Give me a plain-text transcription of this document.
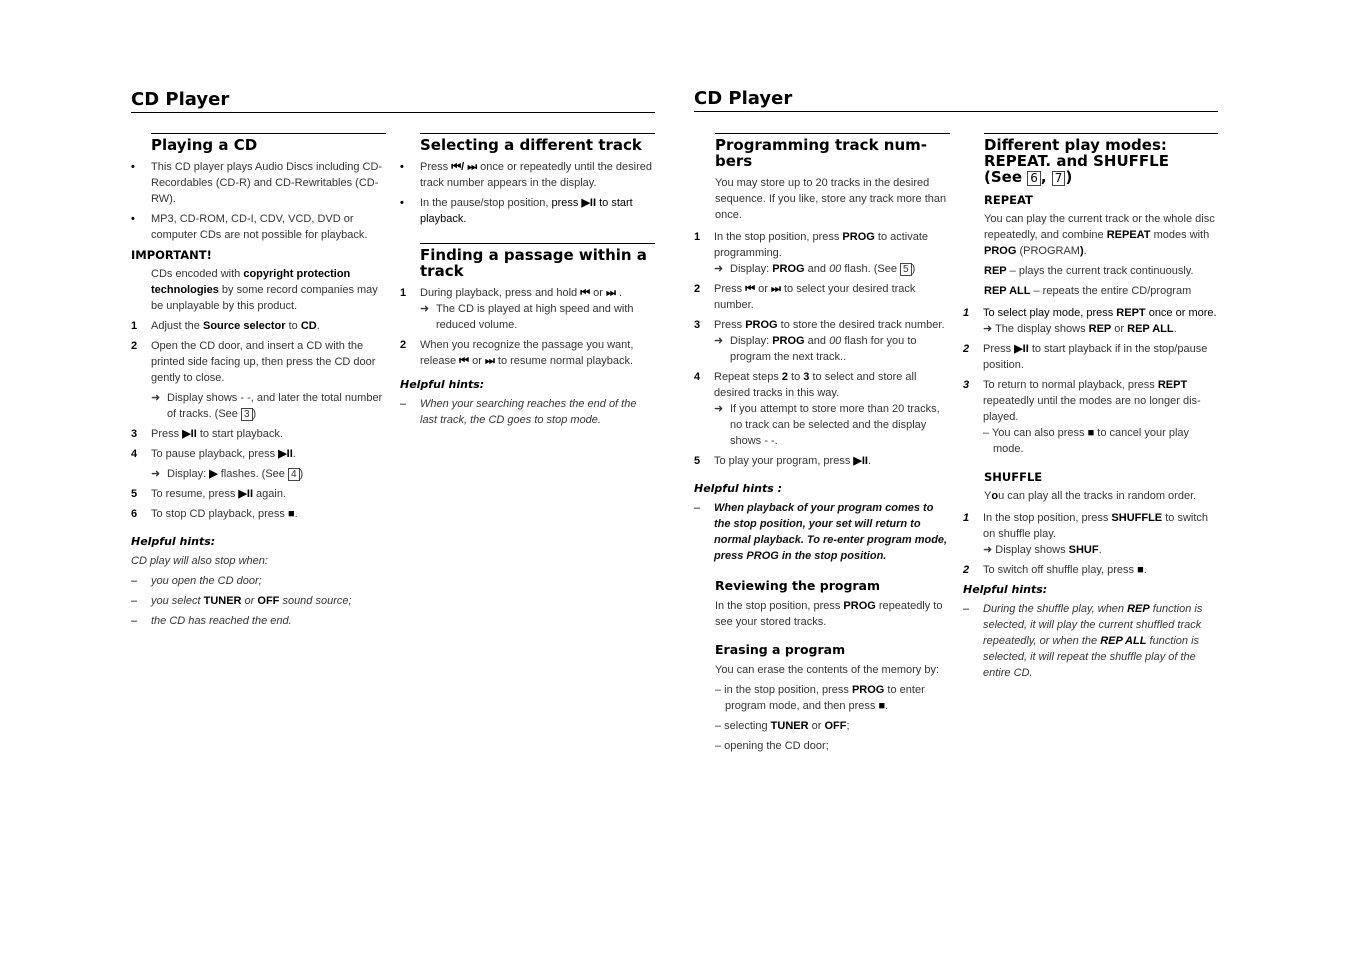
CD Player
Playing a CD
• This CD player plays Audio Discs including CD-Recordables (CD-R) and CD-Rewritables (CD-RW).
• MP3, CD-ROM, CD-I, CDV, VCD, DVD or computer CDs are not possible for playback.
IMPORTANT!
CDs encoded with copyright protection technologies by some record companies may be unplayable by this product.
1 Adjust the Source selector to CD.
2 Open the CD door, and insert a CD with the printed side facing up, then press the CD door gently to close.
➜ Display shows - -, and later the total number of tracks. (See 3 )
3 Press ▶II to start playback.
4 To pause playback, press ▶II.
➜ Display: ▶ flashes. (See 4 )
5 To resume, press ▶II again.
6 To stop CD playback, press ■.
Helpful hints:
CD play will also stop when:
– you open the CD door;
– you select TUNER or OFF sound source;
– the CD has reached the end.
Selecting a different track
• Press ⏮/ ⏭ once or repeatedly until the desired track number appears in the display.
• In the pause/stop position, press ▶II to start playback.
Finding a passage within a track
1 During playback, press and hold ⏮ or ⏭ .
➜ The CD is played at high speed and with reduced volume.
2 When you recognize the passage you want, release ⏮ or ⏭ to resume normal playback.
Helpful hints:
– When your searching reaches the end of the last track, the CD goes to stop mode.
CD Player
Programming track num- bers
You may store up to 20 tracks in the desired sequence. If you like, store any track more than once.
1 In the stop position, press PROG to activate programming.
➜ Display: PROG and 00 flash. (See 5 )
2 Press ⏮ or ⏭ to select your desired track number.
3 Press PROG to store the desired track number.
➜ Display: PROG and 00 flash for you to program the next track..
4 Repeat steps 2 to 3 to select and store all desired tracks in this way.
➜ If you attempt to store more than 20 tracks, no track can be selected and the display shows - -.
5 To play your program, press ▶II.
Helpful hints :
– When playback of your program comes to the stop position, your set will return to normal playback. To re-enter program mode, press PROG in the stop position.
Reviewing the program
In the stop position, press PROG repeatedly to see your stored tracks.
Erasing a program
You can erase the contents of the memory by:
– in the stop position, press PROG to enter program mode, and then press ■.
– selecting TUNER or OFF;
– opening the CD door;
Different play modes:
REPEAT. and SHUFFLE
(See 6 , 7 )
REPEAT
You can play the current track or the whole disc repeatedly, and combine REPEAT modes with PROG (PROGRAM).
REP – plays the current track continuously.
REP ALL – repeats the entire CD/program
1 To select play mode, press REPT once or more.
➜ The display shows REP or REP ALL.
2 Press ▶II to start playback if in the stop/pause position.
3 To return to normal playback, press REPT repeatedly until the modes are no longer dis- played.
– You can also press ■ to cancel your play mode.
SHUFFLE
You can play all the tracks in random order.
1 In the stop position, press SHUFFLE to switch on shuffle play.
➜ Display shows SHUF.
2 To switch off shuffle play, press ■.
Helpful hints:
– During the shuffle play, when REP function is selected, it will play the current shuffled track repeatedly, or when the REP ALL function is selected, it will repeat the shuffle play of the entire CD.
